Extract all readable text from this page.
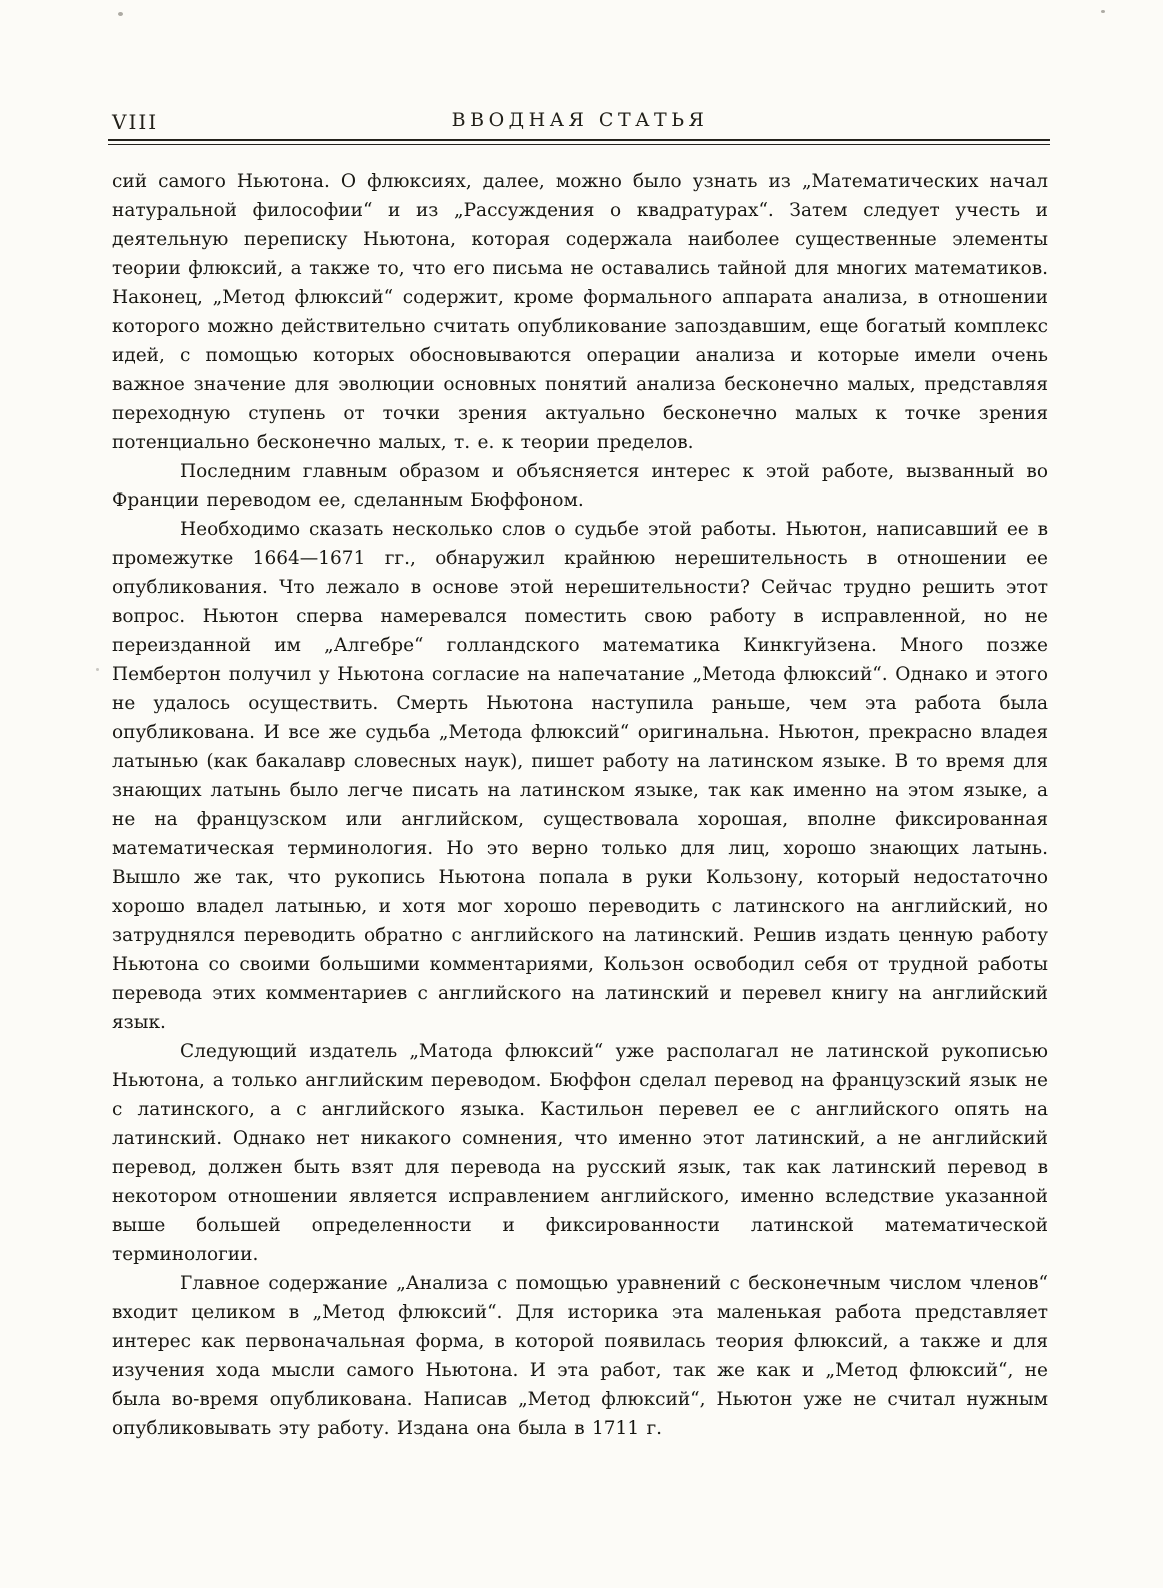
VIII	ВВОДНАЯ СТАТЬЯ

сий самого Ньютона. О флюксиях, далее, можно было узнать из „Математических начал натуральной философии“ и из „Рассуждения о квадратурах“. Затем следует учесть и деятельную переписку Ньютона, которая содержала наиболее существенные элементы теории флюксий, а также то, что его письма не оставались тайной для многих математиков. Наконец, „Метод флюксий“ содержит, кроме формального аппарата анализа, в отношении которого можно действительно считать опубликование запоздавшим, еще богатый комплекс идей, с помощью которых обосновываются операции анализа и которые имели очень важное значение для эволюции основных понятий анализа бесконечно малых, представляя переходную ступень от точки зрения актуально бесконечно малых к точке зрения потенциально бесконечно малых, т. е. к теории пределов.

Последним главным образом и объясняется интерес к этой работе, вызванный во Франции переводом ее, сделанным Бюффоном.

Необходимо сказать несколько слов о судьбе этой работы. Ньютон, написавший ее в промежутке 1664—1671 гг., обнаружил крайнюю нерешительность в отношении ее опубликования. Что лежало в основе этой нерешительности? Сейчас трудно решить этот вопрос. Ньютон сперва намеревался поместить свою работу в исправленной, но не переизданной им „Алгебре“ голландского математика Кинкгуйзена. Много позже Пембертон получил у Ньютона согласие на напечатание „Метода флюксий“. Однако и этого не удалось осуществить. Смерть Ньютона наступила раньше, чем эта работа была опубликована. И все же судьба „Метода флюксий“ оригинальна. Ньютон, прекрасно владея латынью (как бакалавр словесных наук), пишет работу на латинском языке. В то время для знающих латынь было легче писать на латинском языке, так как именно на этом языке, а не на французском или английском, существовала хорошая, вполне фиксированная математическая терминология. Но это верно только для лиц, хорошо знающих латынь. Вышло же так, что рукопись Ньютона попала в руки Кользону, который недостаточно хорошо владел латынью, и хотя мог хорошо переводить с латинского на английский, но затруднялся переводить обратно с английского на латинский. Решив издать ценную работу Ньютона со своими большими комментариями, Кользон освободил себя от трудной работы перевода этих комментариев с английского на латинский и перевел книгу на английский язык.

Следующий издатель „Матода флюксий“ уже располагал не латинской рукописью Ньютона, а только английским переводом. Бюффон сделал перевод на французский язык не с латинского, а с английского языка. Кастильон перевел ее с английского опять на латинский. Однако нет никакого сомнения, что именно этот латинский, а не английский перевод, должен быть взят для перевода на русский язык, так как латинский перевод в некотором отношении является исправлением английского, именно вследствие указанной выше большей определенности и фиксированности латинской математической терминологии.

Главное содержание „Анализа с помощью уравнений с бесконечным числом членов“ входит целиком в „Метод флюксий“. Для историка эта маленькая работа представляет интерес как первоначальная форма, в которой появилась теория флюксий, а также и для изучения хода мысли самого Ньютона. И эта работ, так же как и „Метод флюксий“, не была во-время опубликована. Написав „Метод флюксий“, Ньютон уже не считал нужным опубликовывать эту работу. Издана она была в 1711 г.
